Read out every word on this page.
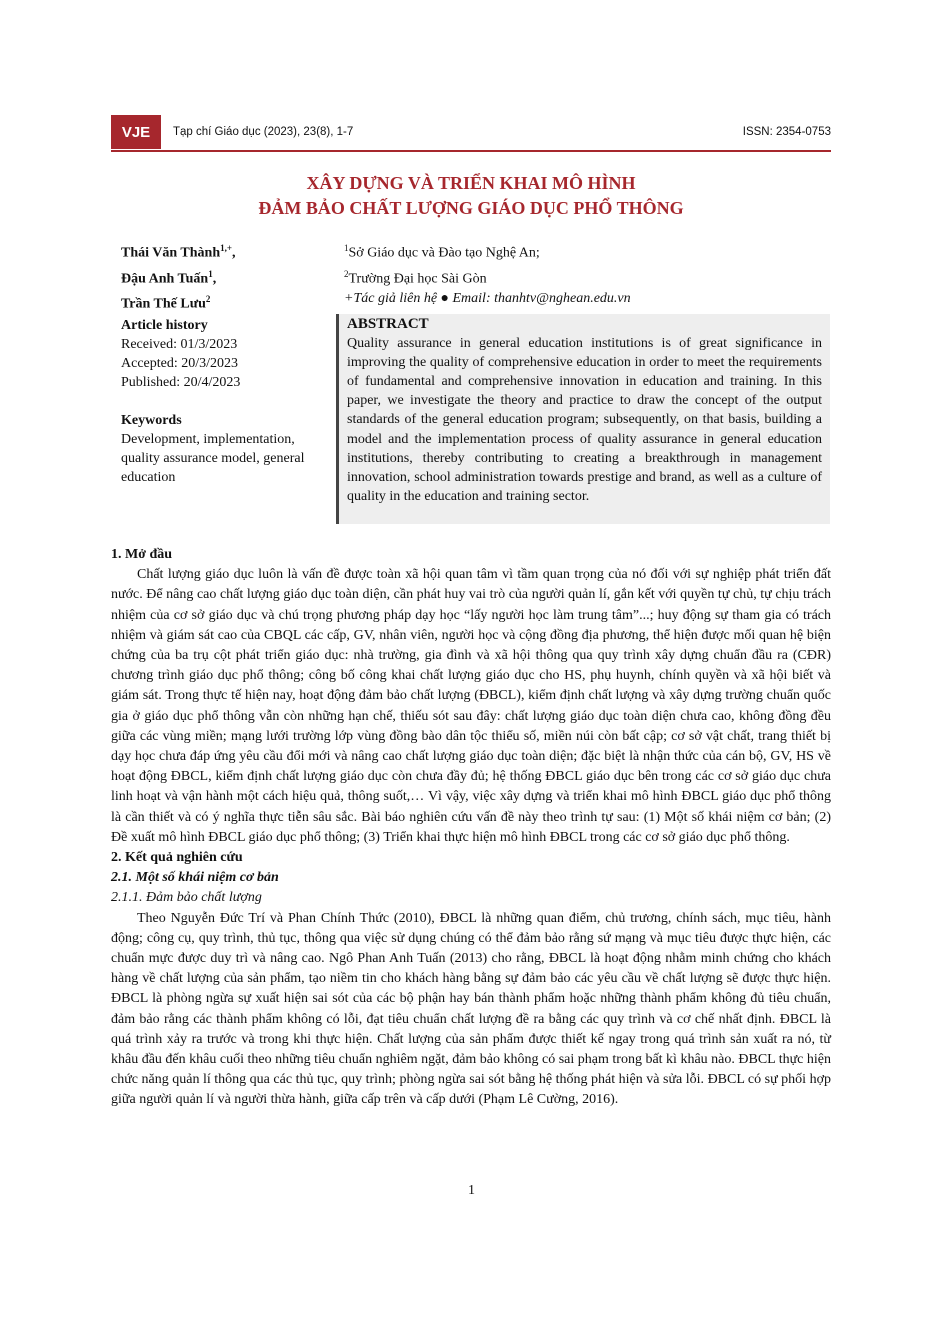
VJE	Tạp chí Giáo dục (2023), 23(8), 1-7	ISSN: 2354-0753
XÂY DỰNG VÀ TRIỂN KHAI MÔ HÌNH
ĐẢM BẢO CHẤT LƯỢNG GIÁO DỤC PHỔ THÔNG
Thái Văn Thành$^{1,+}$,
Đậu Anh Tuấn$^1$,
Trần Thế Lưu$^2$
$^1$Sở Giáo dục và Đào tạo Nghệ An;
$^2$Trường Đại học Sài Gòn
+Tác giả liên hệ ● Email: thanhtv@nghean.edu.vn
Article history
Received: 01/3/2023
Accepted: 20/3/2023
Published: 20/4/2023
Keywords
Development, implementation, quality assurance model, general education
ABSTRACT
Quality assurance in general education institutions is of great significance in improving the quality of comprehensive education in order to meet the requirements of fundamental and comprehensive innovation in education and training. In this paper, we investigate the theory and practice to draw the concept of the output standards of the general education program; subsequently, on that basis, building a model and the implementation process of quality assurance in general education institutions, thereby contributing to creating a breakthrough in management innovation, school administration towards prestige and brand, as well as a culture of quality in the education and training sector.
1. Mở đầu

Chất lượng giáo dục luôn là vấn đề được toàn xã hội quan tâm vì tầm quan trọng của nó đối với sự nghiệp phát triển đất nước. Để nâng cao chất lượng giáo dục toàn diện, cần phát huy vai trò của người quản lí, gắn kết với quyền tự chủ, tự chịu trách nhiệm của cơ sở giáo dục và chú trọng phương pháp dạy học “lấy người học làm trung tâm”...; huy động sự tham gia có trách nhiệm và giám sát cao của CBQL các cấp, GV, nhân viên, người học và cộng đồng địa phương, thể hiện được mối quan hệ biện chứng của ba trụ cột phát triển giáo dục: nhà trường, gia đình và xã hội thông qua quy trình xây dựng chuẩn đầu ra (CĐR) chương trình giáo dục phổ thông; công bố công khai chất lượng giáo dục cho HS, phụ huynh, chính quyền và xã hội biết và giám sát. Trong thực tế hiện nay, hoạt động đảm bảo chất lượng (ĐBCL), kiểm định chất lượng và xây dựng trường chuẩn quốc gia ở giáo dục phổ thông vẫn còn những hạn chế, thiếu sót sau đây: chất lượng giáo dục toàn diện chưa cao, không đồng đều giữa các vùng miền; mạng lưới trường lớp vùng đồng bào dân tộc thiểu số, miền núi còn bất cập; cơ sở vật chất, trang thiết bị dạy học chưa đáp ứng yêu cầu đổi mới và nâng cao chất lượng giáo dục toàn diện; đặc biệt là nhận thức của cán bộ, GV, HS về hoạt động ĐBCL, kiểm định chất lượng giáo dục còn chưa đầy đủ; hệ thống ĐBCL giáo dục bên trong các cơ sở giáo dục chưa linh hoạt và vận hành một cách hiệu quả, thông suốt,… Vì vậy, việc xây dựng và triển khai mô hình ĐBCL giáo dục phổ thông là cần thiết và có ý nghĩa thực tiễn sâu sắc. Bài báo nghiên cứu vấn đề này theo trình tự sau: (1) Một số khái niệm cơ bản; (2) Đề xuất mô hình ĐBCL giáo dục phổ thông; (3) Triển khai thực hiện mô hình ĐBCL trong các cơ sở giáo dục phổ thông.

2. Kết quả nghiên cứu
2.1. Một số khái niệm cơ bản
2.1.1. Đảm bảo chất lượng

Theo Nguyễn Đức Trí và Phan Chính Thức (2010), ĐBCL là những quan điểm, chủ trương, chính sách, mục tiêu, hành động; công cụ, quy trình, thủ tục, thông qua việc sử dụng chúng có thể đảm bảo rằng sứ mạng và mục tiêu được thực hiện, các chuẩn mực được duy trì và nâng cao. Ngô Phan Anh Tuấn (2013) cho rằng, ĐBCL là hoạt động nhằm minh chứng cho khách hàng về chất lượng của sản phẩm, tạo niềm tin cho khách hàng bằng sự đảm bảo các yêu cầu về chất lượng sẽ được thực hiện. ĐBCL là phòng ngừa sự xuất hiện sai sót của các bộ phận hay bán thành phẩm hoặc những thành phẩm không đủ tiêu chuẩn, đảm bảo rằng các thành phẩm không có lỗi, đạt tiêu chuẩn chất lượng đề ra bằng các quy trình và cơ chế nhất định. ĐBCL là quá trình xảy ra trước và trong khi thực hiện. Chất lượng của sản phẩm được thiết kế ngay trong quá trình sản xuất ra nó, từ khâu đầu đến khâu cuối theo những tiêu chuẩn nghiêm ngặt, đảm bảo không có sai phạm trong bất kì khâu nào. ĐBCL thực hiện chức năng quản lí thông qua các thủ tục, quy trình; phòng ngừa sai sót bằng hệ thống phát hiện và sửa lỗi. ĐBCL có sự phối hợp giữa người quản lí và người thừa hành, giữa cấp trên và cấp dưới (Phạm Lê Cường, 2016).

1
